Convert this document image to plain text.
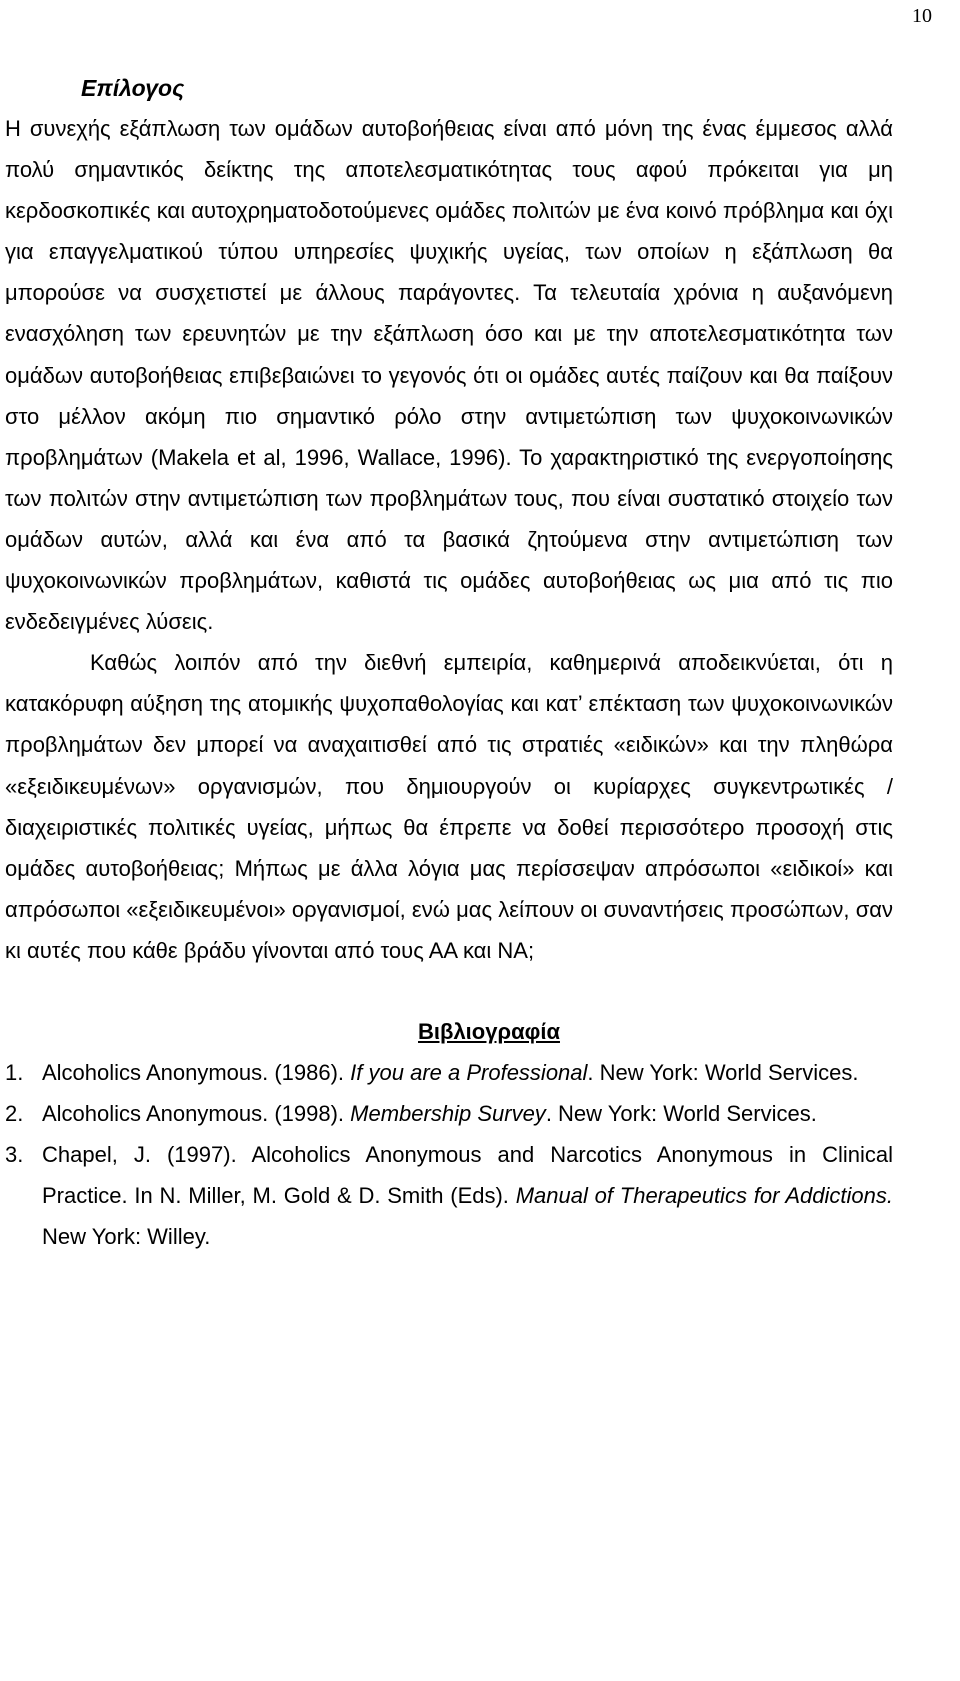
10
Επίλογος

Η συνεχής εξάπλωση των ομάδων αυτοβοήθειας είναι από μόνη της ένας έμμεσος αλλά πολύ σημαντικός δείκτης της αποτελεσματικότητας τους αφού πρόκειται για μη κερδοσκοπικές και αυτοχρηματοδοτούμενες ομάδες πολιτών με ένα κοινό πρόβλημα και όχι για επαγγελματικού τύπου υπηρεσίες ψυχικής υγείας, των οποίων η εξάπλωση θα μπορούσε να συσχετιστεί με άλλους παράγοντες. Τα τελευταία χρόνια η αυξανόμενη ενασχόληση των ερευνητών με την εξάπλωση όσο και με την αποτελεσματικότητα των ομάδων αυτοβοήθειας επιβεβαιώνει το γεγονός ότι οι ομάδες αυτές παίζουν και θα παίξουν στο μέλλον ακόμη πιο σημαντικό ρόλο στην αντιμετώπιση των ψυχοκοινωνικών προβλημάτων (Makela et al, 1996, Wallace, 1996). Το χαρακτηριστικό της ενεργοποίησης των πολιτών στην αντιμετώπιση των προβλημάτων τους, που είναι συστατικό στοιχείο των ομάδων αυτών, αλλά και ένα από τα βασικά ζητούμενα στην αντιμετώπιση των ψυχοκοινωνικών προβλημάτων, καθιστά τις ομάδες αυτοβοήθειας ως μια από τις πιο ενδεδειγμένες λύσεις.

Καθώς λοιπόν από την διεθνή εμπειρία, καθημερινά αποδεικνύεται, ότι η κατακόρυφη αύξηση της ατομικής ψυχοπαθολογίας και κατ’ επέκταση των ψυχοκοινωνικών προβλημάτων δεν μπορεί να αναχαιτισθεί από τις στρατιές «ειδικών» και την πληθώρα «εξειδικευμένων» οργανισμών, που δημιουργούν οι κυρίαρχες συγκεντρωτικές / διαχειριστικές πολιτικές υγείας, μήπως θα έπρεπε να δοθεί περισσότερο προσοχή στις ομάδες αυτοβοήθειας; Μήπως με άλλα λόγια μας περίσσεψαν απρόσωποι «ειδικοί» και απρόσωποι «εξειδικευμένοι» οργανισμοί, ενώ μας λείπουν οι συναντήσεις προσώπων, σαν κι αυτές που κάθε βράδυ γίνονται από τους ΑΑ και ΝΑ;

Βιβλιογραφία
1. Alcoholics Anonymous. (1986). If you are a Professional. New York: World Services.
2. Alcoholics Anonymous. (1998). Membership Survey. New York: World Services.
3. Chapel, J. (1997). Alcoholics Anonymous and Narcotics Anonymous in Clinical Practice. In N. Miller, M. Gold & D. Smith (Eds). Manual of Therapeutics for Addictions. New York: Willey.
